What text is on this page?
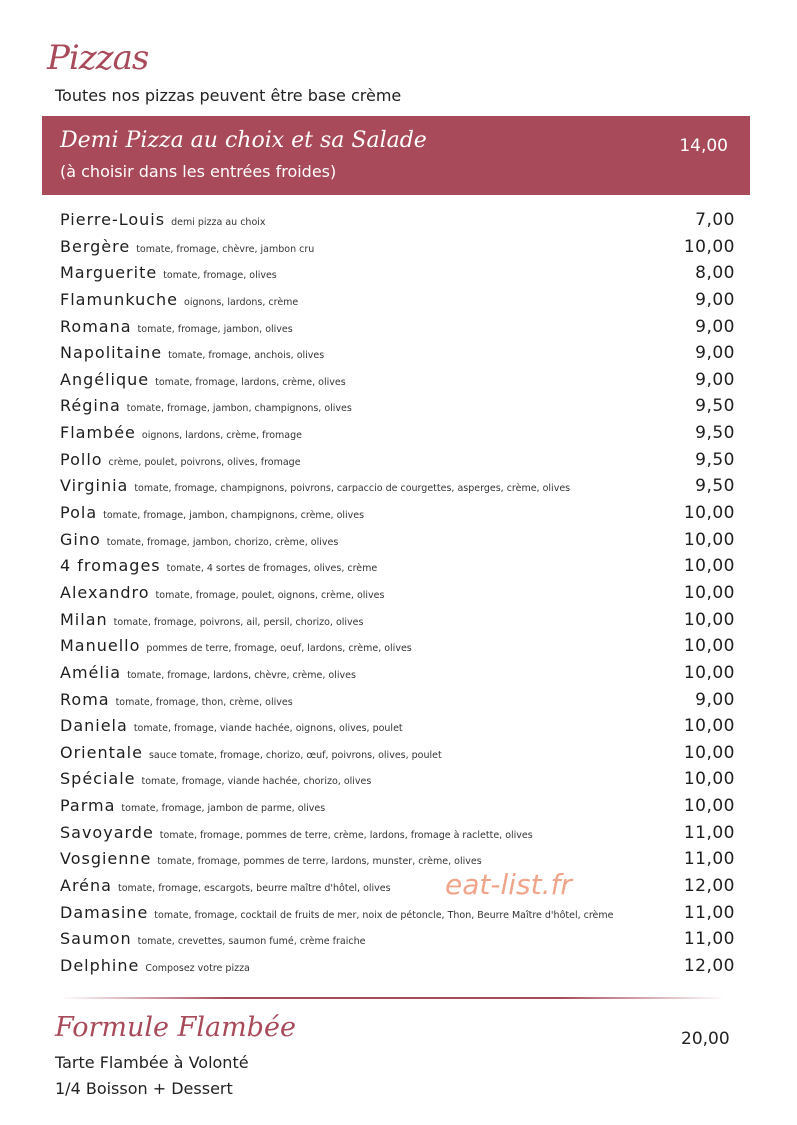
Pizzas
Toutes nos pizzas peuvent être base crème
Demi Pizza au choix et sa Salade
(à choisir dans les entrées froides)
14,00
Pierre-Louis demi pizza au choix	7,00
Bergère tomate, fromage, chèvre, jambon cru	10,00
Marguerite tomate, fromage, olives	8,00
Flamunkuche oignons, lardons, crème	9,00
Romana tomate, fromage, jambon, olives	9,00
Napolitaine tomate, fromage, anchois, olives	9,00
Angélique tomate, fromage, lardons, crème, olives	9,00
Régina tomate, fromage, jambon, champignons, olives	9,50
Flambée oignons, lardons, crème, fromage	9,50
Pollo crème, poulet, poivrons, olives, fromage	9,50
Virginia tomate, fromage, champignons, poivrons, carpaccio de courgettes, asperges, crème, olives	9,50
Pola tomate, fromage, jambon, champignons, crème, olives	10,00
Gino tomate, fromage, jambon, chorizo, crème, olives	10,00
4 fromages tomate, 4 sortes de fromages, olives, crème	10,00
Alexandro tomate, fromage, poulet, oignons, crème, olives	10,00
Milan tomate, fromage, poivrons, ail, persil, chorizo, olives	10,00
Manuello pommes de terre, fromage, oeuf, lardons, crème, olives	10,00
Amélia tomate, fromage, lardons, chèvre, crème, olives	10,00
Roma tomate, fromage, thon, crème, olives	9,00
Daniela tomate, fromage, viande hachée, oignons, olives, poulet	10,00
Orientale sauce tomate, fromage, chorizo, œuf, poivrons, olives, poulet	10,00
Spéciale tomate, fromage, viande hachée, chorizo, olives	10,00
Parma tomate, fromage, jambon de parme, olives	10,00
Savoyarde tomate, fromage, pommes de terre, crème, lardons, fromage à raclette, olives	11,00
Vosgienne tomate, fromage, pommes de terre, lardons, munster, crème, olives	11,00
Aréna tomate, fromage, escargots, beurre maître d'hôtel, olives	12,00
Damasine tomate, fromage, cocktail de fruits de mer, noix de pétoncle, Thon, Beurre Maître d'hôtel, crème	11,00
Saumon tomate, crevettes, saumon fumé, crème fraiche	11,00
Delphine Composez votre pizza	12,00
eat-list.fr
Formule Flambée	20,00
Tarte Flambée à Volonté
1/4 Boisson + Dessert
